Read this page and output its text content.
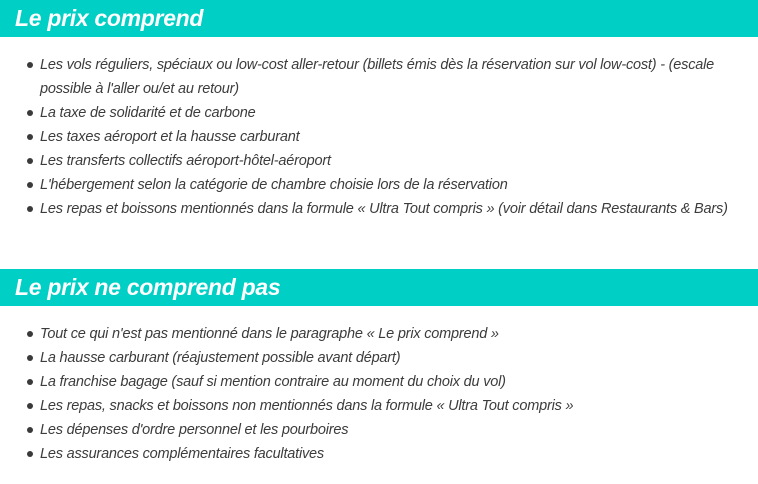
Le prix comprend
Les vols réguliers, spéciaux ou low-cost aller-retour (billets émis dès la réservation sur vol low-cost) - (escale possible à l'aller ou/et au retour)
La taxe de solidarité et de carbone
Les taxes aéroport et la hausse carburant
Les transferts collectifs aéroport-hôtel-aéroport
L'hébergement selon la catégorie de chambre choisie lors de la réservation
Les repas et boissons mentionnés dans la formule « Ultra Tout compris » (voir détail dans Restaurants & Bars)
Le prix ne comprend pas
Tout ce qui n'est pas mentionné dans le paragraphe « Le prix comprend »
La hausse carburant (réajustement possible avant départ)
La franchise bagage (sauf si mention contraire au moment du choix du vol)
Les repas, snacks et boissons non mentionnés dans la formule « Ultra Tout compris »
Les dépenses d'ordre personnel et les pourboires
Les assurances complémentaires facultatives
